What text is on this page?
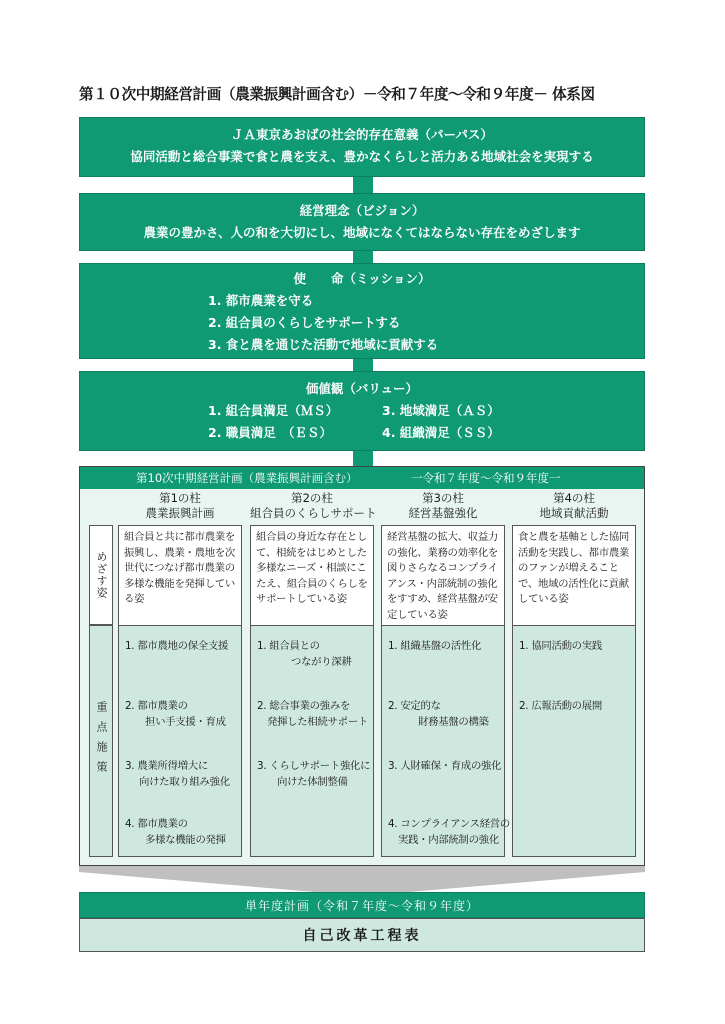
第１０次中期経営計画（農業振興計画含む）－令和７年度〜令和９年度－ 体系図
ＪＡ東京あおばの社会的存在意義（パーパス）
協同活動と総合事業で食と農を支え、豊かなくらしと活力ある地域社会を実現する
経営理念（ビジョン）
農業の豊かさ、人の和を大切にし、地域になくてはならない存在をめざします
使　　命（ミッション）
1. 都市農業を守る
2. 組合員のくらしをサポートする
3. 食と農を通じた活動で地域に貢献する
価値観（バリュー）
1. 組合員満足（ＭＳ）	3. 地域満足（ＡＳ）
2. 職員満足　（ＥＳ）	4. 組織満足（ＳＳ）
第10次中期経営計画（農業振興計画含む）	一令和７年度〜令和９年度一
めざす姿
重点施策
第1の柱
農業振興計画
組合員と共に都市農業を振興し、農業・農地を次世代につなげ都市農業の多様な機能を発揮している姿
1. 都市農地の保全支援
2. 都市農業の
担い手支援・育成
3. 農業所得増大に
向けた取り組み強化
4. 都市農業の
多様な機能の発揮
第2の柱
組合員のくらしサポート
組合員の身近な存在として、相続をはじめとした多様なニーズ・相談にこたえ、組合員のくらしをサポートしている姿
1. 組合員との
つながり深耕
2. 総合事業の強みを
発揮した相続サポート
3. くらしサポート強化に
向けた体制整備
第3の柱
経営基盤強化
経営基盤の拡大、収益力の強化、業務の効率化を図りさらなるコンプライアンス・内部統制の強化をすすめ、経営基盤が安定している姿
1. 組織基盤の活性化
2. 安定的な
財務基盤の構築
3. 人財確保・育成の強化
4. コンプライアンス経営の
実践・内部統制の強化
第4の柱
地域貢献活動
食と農を基軸とした協同活動を実践し、都市農業のファンが増えることで、地域の活性化に貢献している姿
1. 協同活動の実践
2. 広報活動の展開
単年度計画（令和７年度〜令和９年度）
自己改革工程表
